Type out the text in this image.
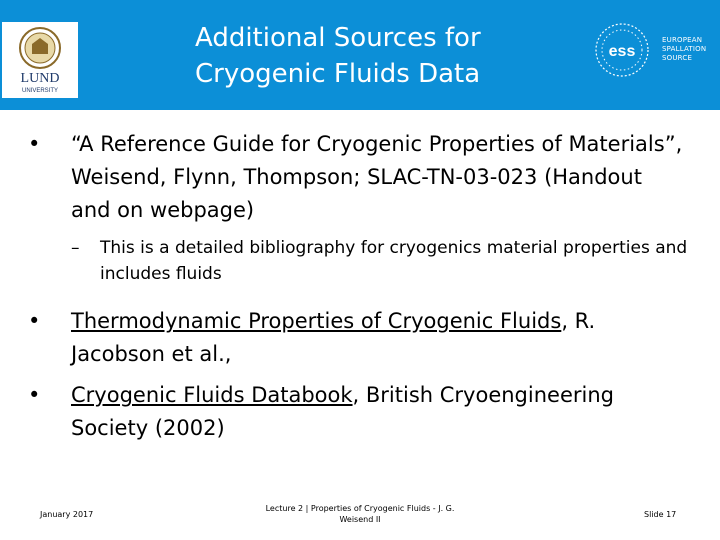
LUND
UNIVERSITY
Additional Sources for
Cryogenic Fluids Data
ess
EUROPEAN
SPALLATION
SOURCE
• “A Reference Guide for Cryogenic Properties of Materials”, Weisend, Flynn, Thompson; SLAC-TN-03-023 (Handout and on webpage)
– This is a detailed bibliography for cryogenics material properties and includes fluids
• Thermodynamic Properties of Cryogenic Fluids, R. Jacobson et al.,
• Cryogenic Fluids Databook, British Cryoengineering Society (2002)
January 2017
Lecture 2 | Properties of Cryogenic Fluids - J. G. Weisend II
Slide 17
